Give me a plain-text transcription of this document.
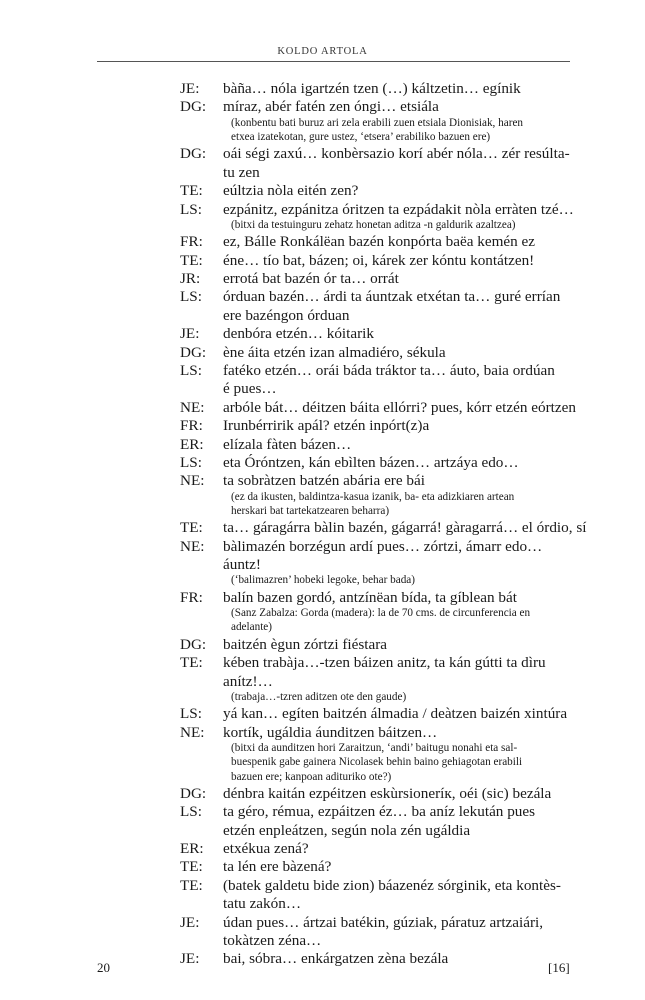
KOLDO ARTOLA
JE: bàña… nóla igartzén tzen (…) káltzetin… egínik
DG: míraz, abér fatén zen óngi… etsiála
(konbentu bati buruz ari zela erabili zuen etsiala Dionisiak, haren
etxea izatekotan, gure ustez, ‘etsera’ erabiliko bazuen ere)
DG: oái ségi zaxú… konbèrsazio korí abér nóla… zér resúlta-
tu zen
TE: eúltzia nòla eitén zen?
LS: ezpánitz, ezpánitza óritzen ta ezpádakit nòla erràten tzé…
(bitxi da testuinguru zehatz honetan aditza -n galdurik azaltzea)
FR: ez, Bálle Ronkálëan bazén konpórta baëa kemén ez
TE: éne… tío bat, bázen; oi, kárek zer kóntu kontátzen!
JR: errotá bat bazén ór ta… orrát
LS: órduan bazén… árdi ta áuntzak etxétan ta… guré errían
ere bazéngon órduan
JE: denbóra etzén… kóitarik
DG: ène áita etzén izan almadiéro, sékula
LS: fatéko etzén… orái báda tráktor ta… áuto, baia ordúan
é pues…
NE: arbóle bát… déitzen báita ellórri? pues, kórr etzén eórtzen
FR: Irunbérririk apál? etzén inpórt(z)a
ER: elízala fàten bázen…
LS: eta Óróntzen, kán ebìlten bázen… artzáya edo…
NE: ta sobràtzen batzén abária ere bái
(ez da ikusten, baldintza-kasua izanik, ba- eta adizkiaren artean
herskari bat tartekatzearen beharra)
TE: ta… gáragárra bàlin bazén, gágarrá! gàragarrá… el órdio, sí
NE: bàlimazén borzégun ardí pues… zórtzi, ámarr edo…
áuntz!
(‘balimazren’ hobeki legoke, behar bada)
FR: balín bazen gordó, antzínëan bída, ta gíblean bát
(Sanz Zabalza: Gorda (madera): la de 70 cms. de circunferencia en
adelante)
DG: baitzén ègun zórtzi fiéstara
TE: kében trabàja…-tzen báizen anitz, ta kán gútti ta dìru
anítz!…
(trabaja…-tzren aditzen ote den gaude)
LS: yá kan… egíten baitzén álmadia / deàtzen baizén xintúra
NE: kortík, ugáldia áunditzen báitzen…
(bitxi da aunditzen hori Zaraitzun, ‘andi’ baitugu nonahi eta sal-
buespenik gabe gainera Nicolasek behin baino gehiagotan erabili
bazuen ere; kanpoan adituriko ote?)
DG: dénbra kaitán ezpéitzen eskùrsioneríк, oéi (sic) bezála
LS: ta géro, rémua, ezpáitzen éz… ba aníz lekután pues
etzén enpleátzen, según nola zén ugáldia
ER: etxékua zená?
TE: ta lén ere bàzená?
TE: (batek galdetu bide zion) báazenéz sórginik, eta kontès-
tatu zakón…
JE: údan pues… ártzai batékin, gúziak, páratuz artzaiári,
tokàtzen zéna…
JE: bai, sóbra… enkárgatzen zèna bezála
20	[16]
